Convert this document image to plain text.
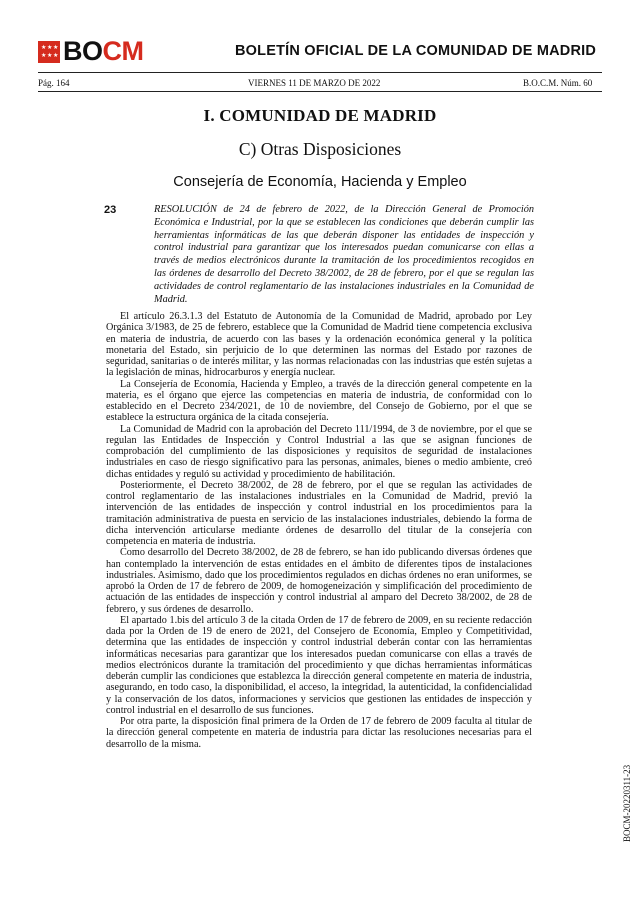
★ ★ ★
★ ★ ★ BOCM	BOLETÍN OFICIAL DE LA COMUNIDAD DE MADRID
Pág. 164	VIERNES 11 DE MARZO DE 2022	B.O.C.M. Núm. 60
I. COMUNIDAD DE MADRID
C) Otras Disposiciones
Consejería de Economía, Hacienda y Empleo
23	RESOLUCIÓN de 24 de febrero de 2022, de la Dirección General de Promoción Económica e Industrial, por la que se establecen las condiciones que deberán cumplir las herramientas informáticas de las que deberán disponer las entidades de inspección y control industrial para garantizar que los interesados puedan comunicarse con ellas a través de medios electrónicos durante la tramitación de los procedimientos recogidos en las órdenes de desarrollo del Decreto 38/2002, de 28 de febrero, por el que se regulan las actividades de control reglamentario de las instalaciones industriales en la Comunidad de Madrid.

El artículo 26.3.1.3 del Estatuto de Autonomía de la Comunidad de Madrid, aprobado por Ley Orgánica 3/1983, de 25 de febrero, establece que la Comunidad de Madrid tiene competencia exclusiva en materia de industria, de acuerdo con las bases y la ordenación económica general y la política monetaria del Estado, sin perjuicio de lo que determinen las normas del Estado por razones de seguridad, sanitarias o de interés militar, y las normas relacionadas con las industrias que estén sujetas a la legislación de minas, hidrocarburos y energía nuclear.

La Consejería de Economía, Hacienda y Empleo, a través de la dirección general competente en la materia, es el órgano que ejerce las competencias en materia de industria, de conformidad con lo establecido en el Decreto 234/2021, de 10 de noviembre, del Consejo de Gobierno, por el que se establece la estructura orgánica de la citada consejería.

La Comunidad de Madrid con la aprobación del Decreto 111/1994, de 3 de noviembre, por el que se regulan las Entidades de Inspección y Control Industrial a las que se asignan funciones de comprobación del cumplimiento de las disposiciones y requisitos de seguridad de instalaciones industriales en caso de riesgo significativo para las personas, animales, bienes o medio ambiente, creó dichas entidades y reguló su actividad y procedimiento de habilitación.

Posteriormente, el Decreto 38/2002, de 28 de febrero, por el que se regulan las actividades de control reglamentario de las instalaciones industriales en la Comunidad de Madrid, previó la intervención de las entidades de inspección y control industrial en los procedimientos para la tramitación administrativa de puesta en servicio de las instalaciones industriales, debiendo la forma de dicha intervención articularse mediante órdenes de desarrollo del titular de la consejería con competencia en materia de industria.

Como desarrollo del Decreto 38/2002, de 28 de febrero, se han ido publicando diversas órdenes que han contemplado la intervención de estas entidades en el ámbito de diferentes tipos de instalaciones industriales. Asimismo, dado que los procedimientos regulados en dichas órdenes no eran uniformes, se aprobó la Orden de 17 de febrero de 2009, de homogeneización y simplificación del procedimiento de actuación de las entidades de inspección y control industrial al amparo del Decreto 38/2002, de 28 de febrero, y sus órdenes de desarrollo.

El apartado 1.bis del artículo 3 de la citada Orden de 17 de febrero de 2009, en su reciente redacción dada por la Orden de 19 de enero de 2021, del Consejero de Economía, Empleo y Competitividad, determina que las entidades de inspección y control industrial deberán contar con las herramientas informáticas necesarias para garantizar que los interesados puedan comunicarse con ellas a través de medios electrónicos durante la tramitación del procedimiento y que dichas herramientas informáticas deberán cumplir las condiciones que establezca la dirección general competente en materia de industria, asegurando, en todo caso, la disponibilidad, el acceso, la integridad, la autenticidad, la confidencialidad y la conservación de los datos, informaciones y servicios que gestionen las entidades de inspección y control industrial en el desarrollo de sus funciones.

Por otra parte, la disposición final primera de la Orden de 17 de febrero de 2009 faculta al titular de la dirección general competente en materia de industria para dictar las resoluciones necesarias para el desarrollo de la misma.

BOCM-20220311-23
